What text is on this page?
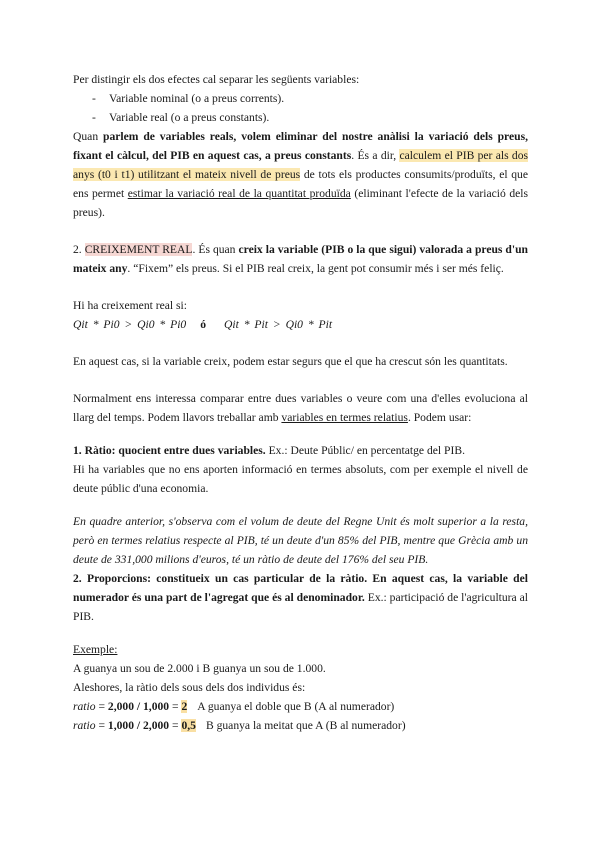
Per distingir els dos efectes cal separar les següents variables:

- Variable nominal (o a preus corrents).
- Variable real (o a preus constants).

Quan parlem de variables reals, volem eliminar del nostre anàlisi la variació dels preus, fixant el càlcul, del PIB en aquest cas, a preus constants. És a dir, calculem el PIB per als dos anys (t0 i t1) utilitzant el mateix nivell de preus de tots els productes consumits/produïts, el que ens permet estimar la variació real de la quantitat produïda (eliminant l'efecte de la variació dels preus).

2. CREIXEMENT REAL. És quan creix la variable (PIB o la que sigui) valorada a preus d'un mateix any. “Fixem” els preus. Si el PIB real creix, la gent pot consumir més i ser més feliç.

Hi ha creixement real si:

Qit * Pi0 > Qi0 * Pi0 ó Qit * Pit > Qi0 * Pit

En aquest cas, si la variable creix, podem estar segurs que el que ha crescut són les quantitats.

Normalment ens interessa comparar entre dues variables o veure com una d'elles evoluciona al llarg del temps. Podem llavors treballar amb variables en termes relatius. Podem usar:

1. Ràtio: quocient entre dues variables. Ex.: Deute Públic/ en percentatge del PIB.

Hi ha variables que no ens aporten informació en termes absoluts, com per exemple el nivell de deute públic d'una economia.

En quadre anterior, s'observa com el volum de deute del Regne Unit és molt superior a la resta, però en termes relatius respecte al PIB, té un deute d'un 85% del PIB, mentre que Grècia amb un deute de 331,000 milions d'euros, té un ràtio de deute del 176% del seu PIB.

2. Proporcions: constitueix un cas particular de la ràtio. En aquest cas, la variable del numerador és una part de l'agregat que és al denominador. Ex.: participació de l'agricultura al PIB.

Exemple:

A guanya un sou de 2.000 i B guanya un sou de 1.000.

Aleshores, la ràtio dels sous dels dos individus és:

ratio = 2,000 / 1,000 = 2 A guanya el doble que B (A al numerador)

ratio = 1,000 / 2,000 = 0,5 B guanya la meitat que A (B al numerador)
